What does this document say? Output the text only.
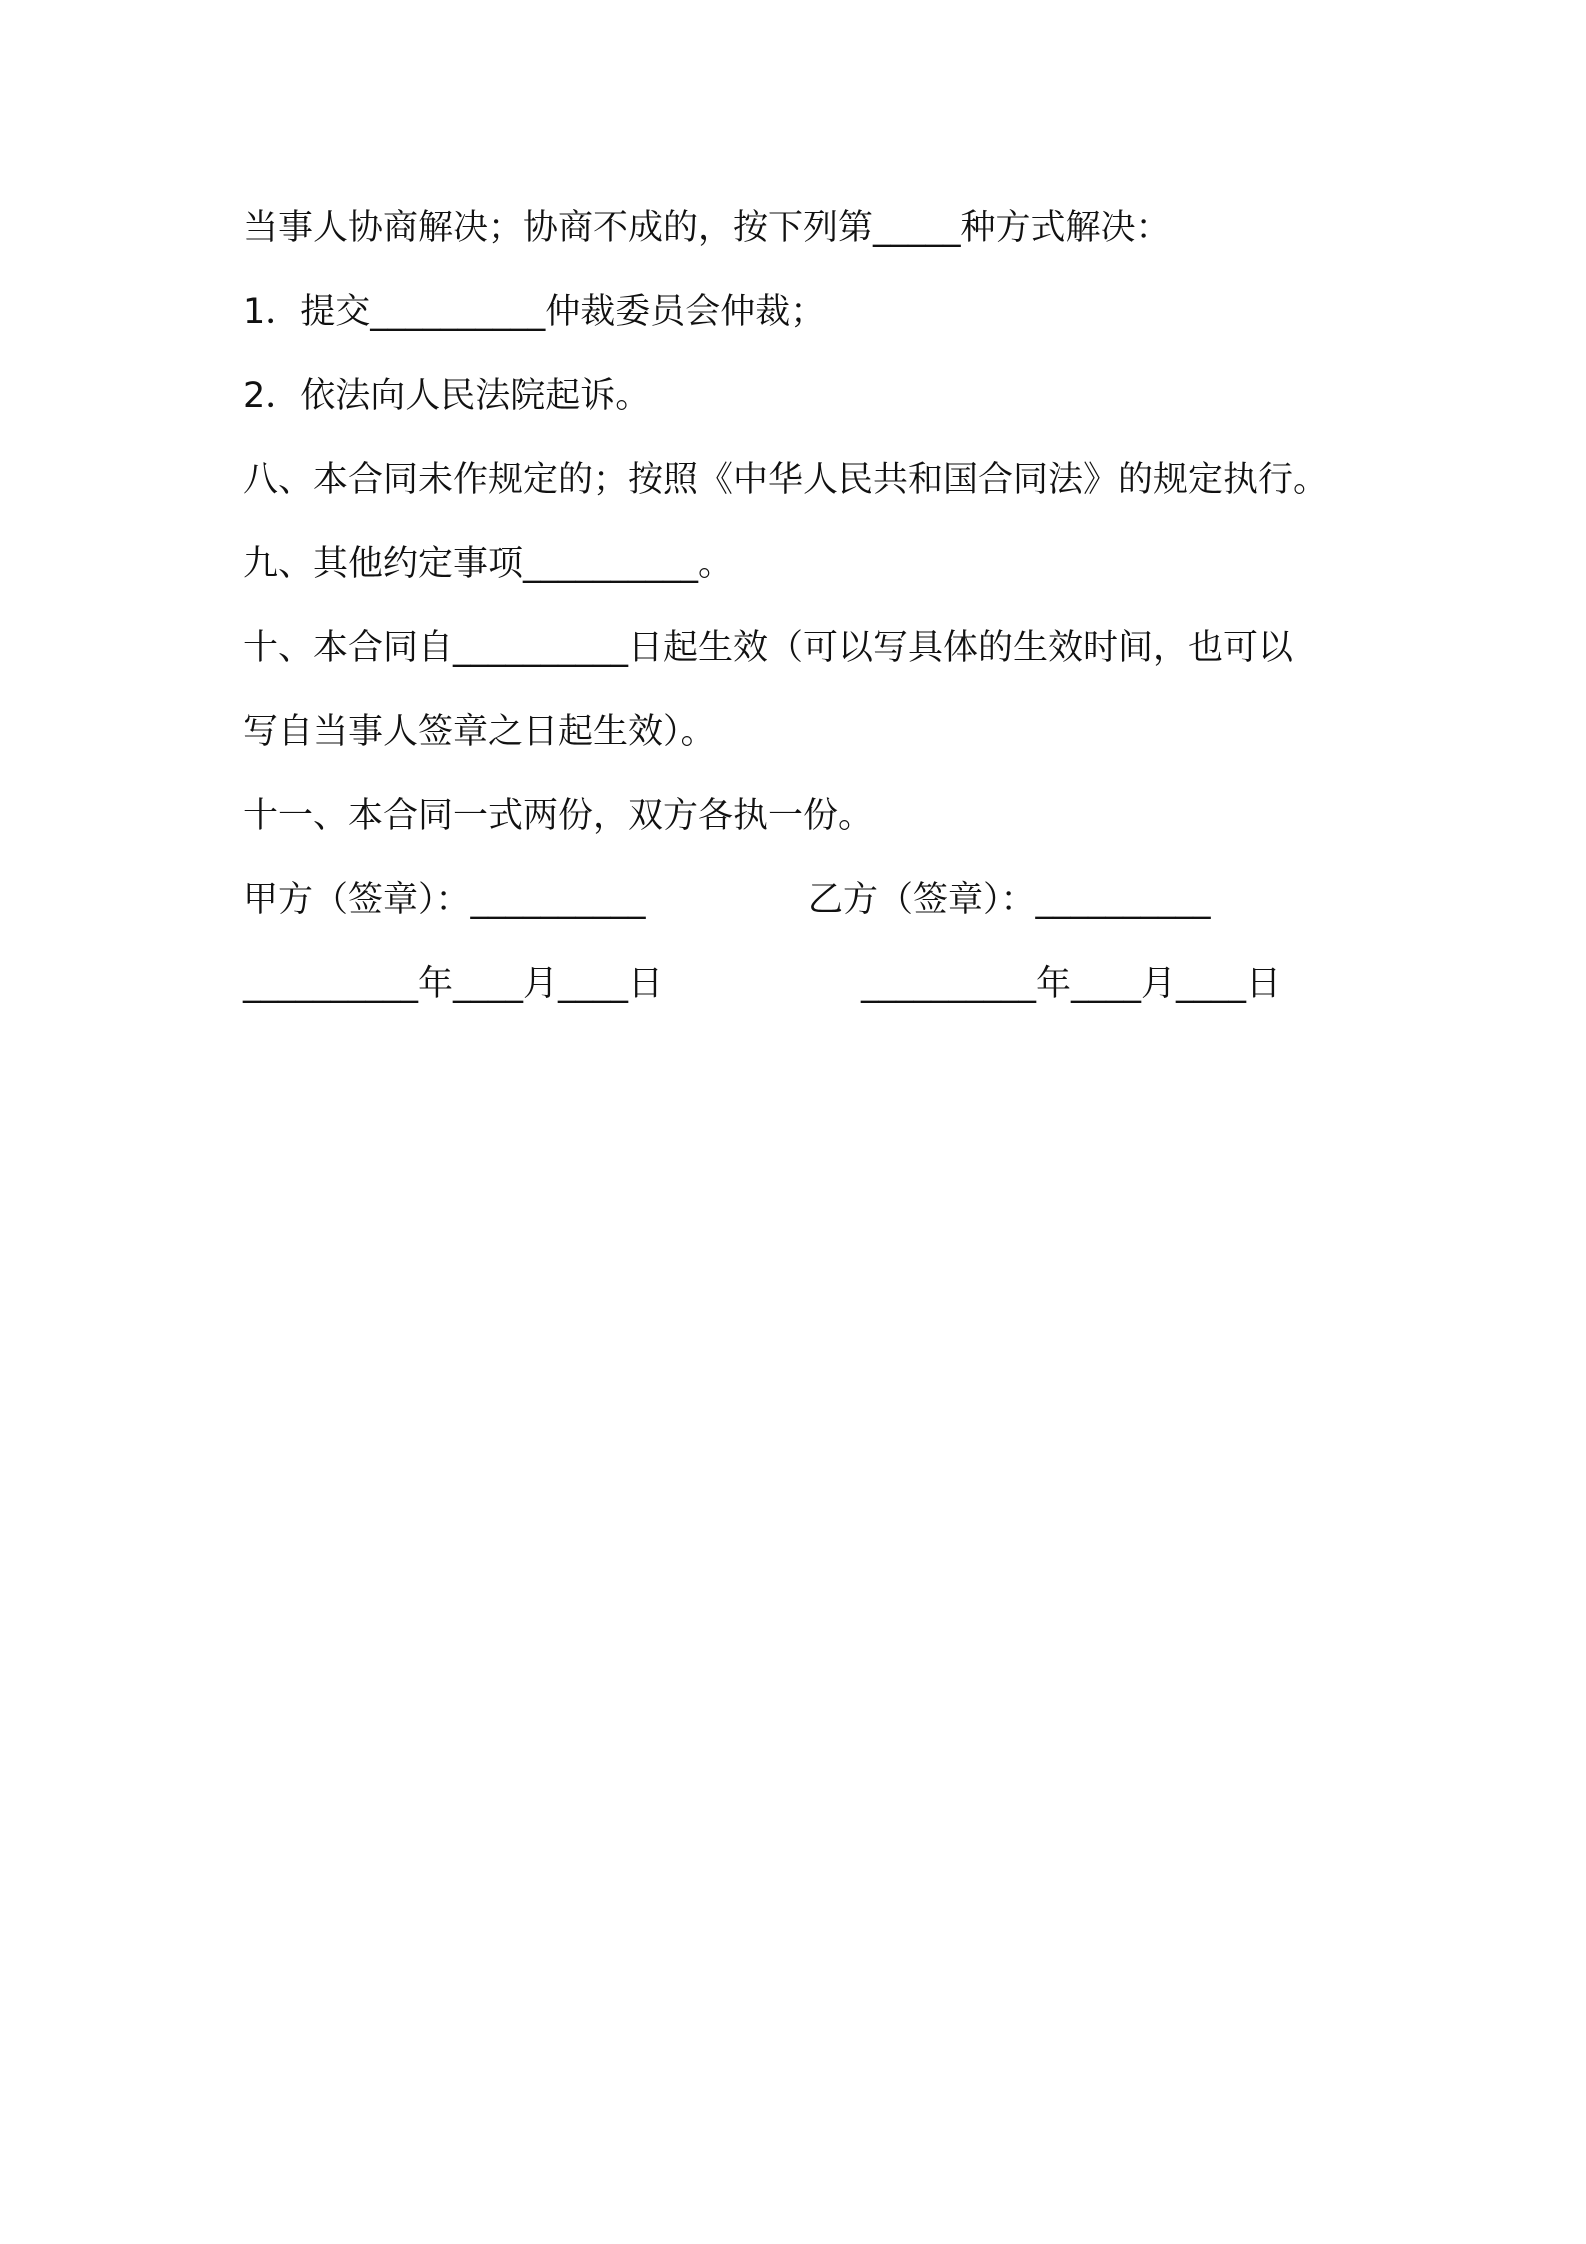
当事人协商解决；协商不成的，按下列第_____种方式解决：
1．提交__________仲裁委员会仲裁；
2．依法向人民法院起诉。
八、本合同未作规定的；按照《中华人民共和国合同法》的规定执行。
九、其他约定事项__________。
十、本合同自__________日起生效（可以写具体的生效时间，也可以
写自当事人签章之日起生效）。
十一、本合同一式两份，双方各执一份。

甲方（签章）：__________

	乙方（签章）：__________

__________年____月____日

	__________年____月____日
